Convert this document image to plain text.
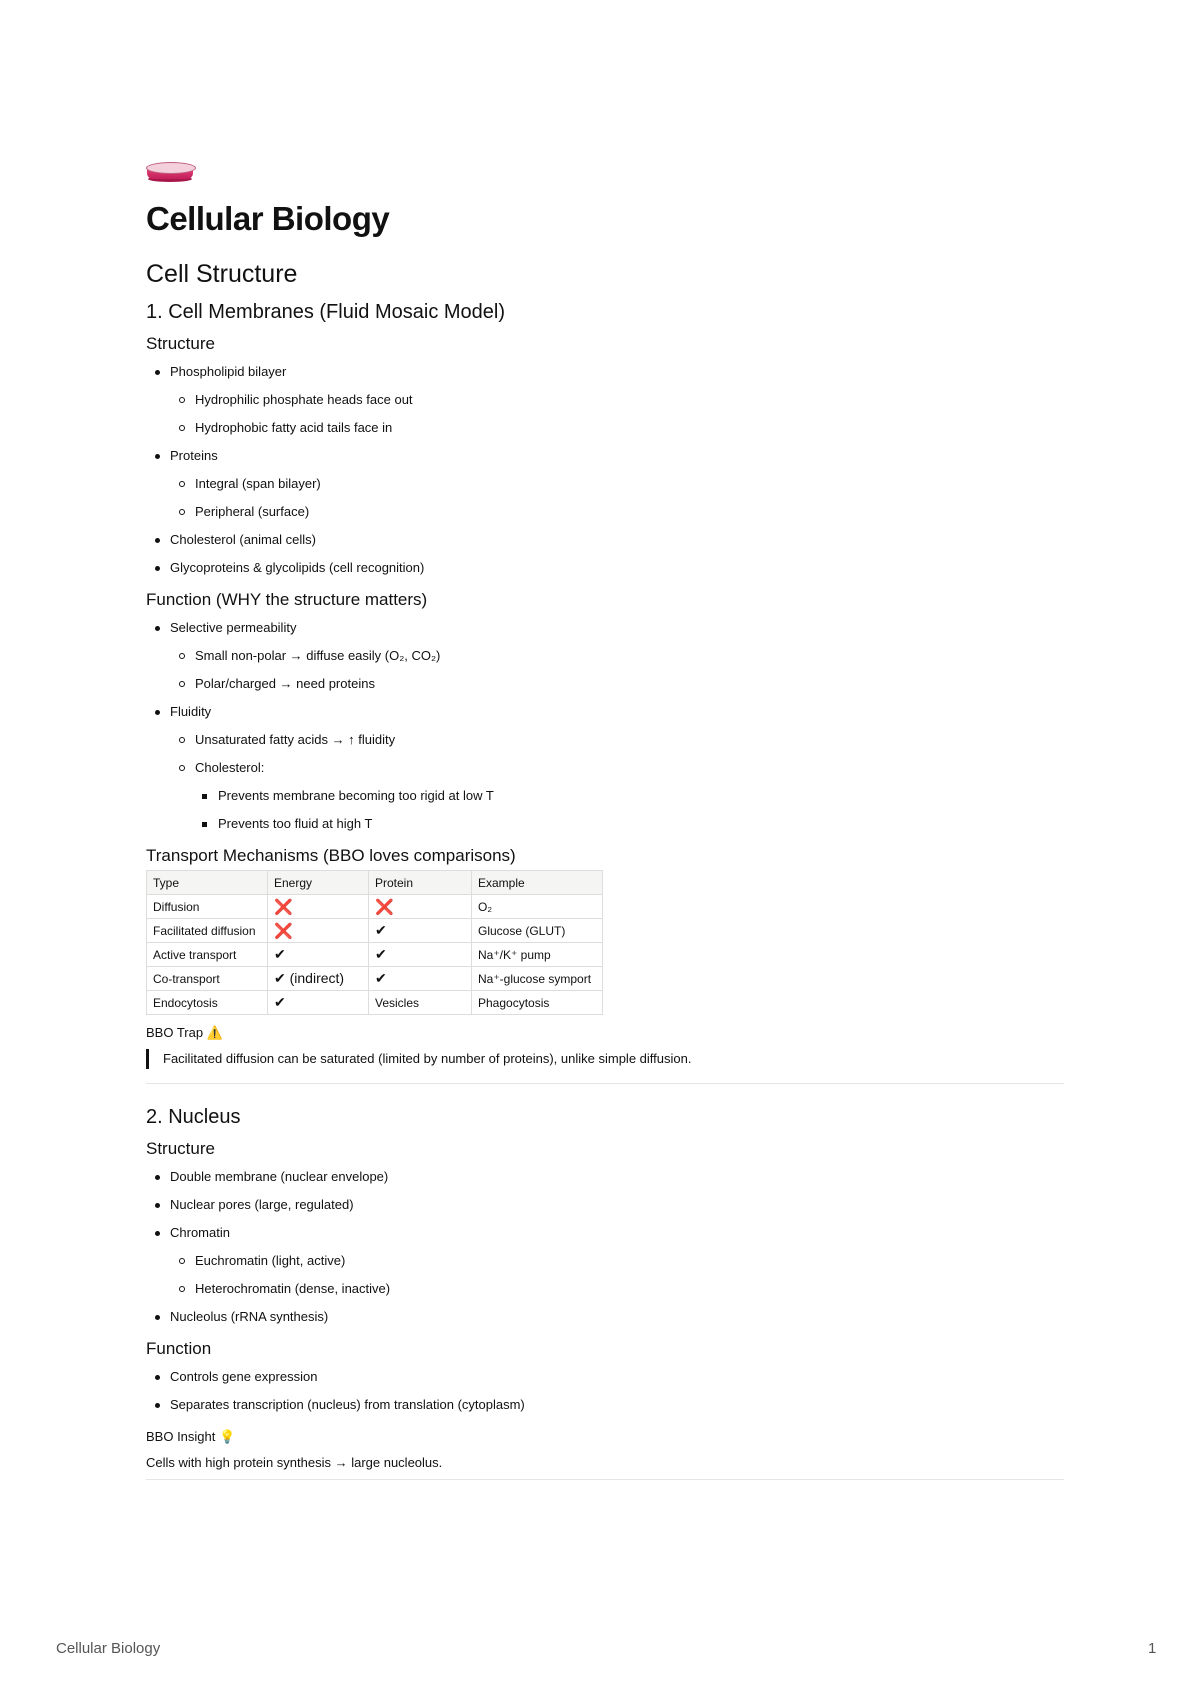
Cellular Biology
Cell Structure
1. Cell Membranes (Fluid Mosaic Model)
Structure
Phospholipid bilayer
Hydrophilic phosphate heads face out
Hydrophobic fatty acid tails face in
Proteins
Integral (span bilayer)
Peripheral (surface)
Cholesterol (animal cells)
Glycoproteins & glycolipids (cell recognition)
Function (WHY the structure matters)
Selective permeability
Small non-polar → diffuse easily (O₂, CO₂)
Polar/charged → need proteins
Fluidity
Unsaturated fatty acids → ↑ fluidity
Cholesterol:
Prevents membrane becoming too rigid at low T
Prevents too fluid at high T
Transport Mechanisms (BBO loves comparisons)
Type	Energy	Protein	Example
Diffusion	❌	❌	O₂
Facilitated diffusion	❌	✔	Glucose (GLUT)
Active transport	✔	✔	Na⁺/K⁺ pump
Co-transport	✔ (indirect)	✔	Na⁺-glucose symport
Endocytosis	✔	Vesicles	Phagocytosis
BBO Trap ⚠️
Facilitated diffusion can be saturated (limited by number of proteins), unlike simple diffusion.
2. Nucleus
Structure
Double membrane (nuclear envelope)
Nuclear pores (large, regulated)
Chromatin
Euchromatin (light, active)
Heterochromatin (dense, inactive)
Nucleolus (rRNA synthesis)
Function
Controls gene expression
Separates transcription (nucleus) from translation (cytoplasm)
BBO Insight 💡
Cells with high protein synthesis → large nucleolus.
Cellular Biology	1
